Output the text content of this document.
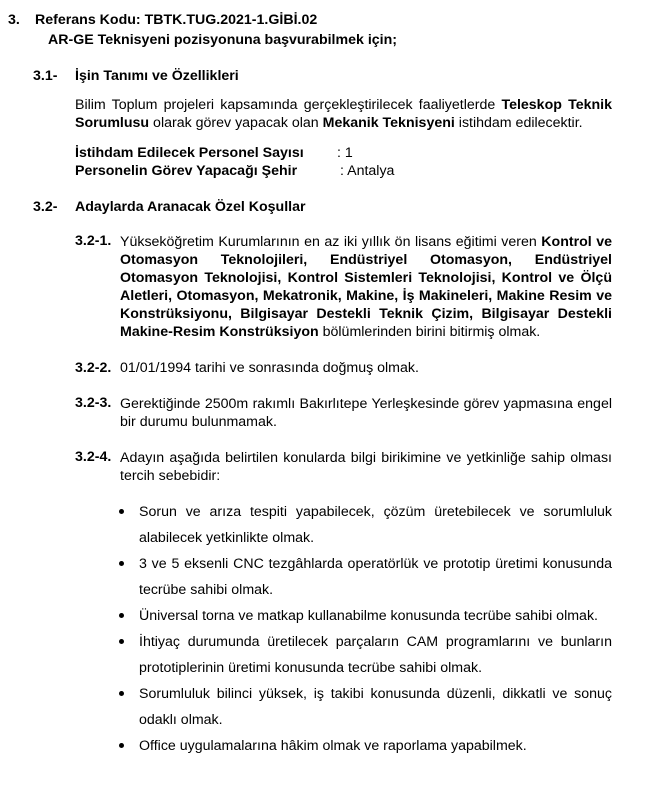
3. Referans Kodu: TBTK.TUG.2021-1.GİBİ.02
AR-GE Teknisyeni pozisyonuna başvurabilmek için;
3.1- İşin Tanımı ve Özellikleri
Bilim Toplum projeleri kapsamında gerçekleştirilecek faaliyetlerde Teleskop Teknik Sorumlusu olarak görev yapacak olan Mekanik Teknisyeni istihdam edilecektir.
İstihdam Edilecek Personel Sayısı : 1
Personelin Görev Yapacağı Şehir	: Antalya
3.2- Adaylarda Aranacak Özel Koşullar
3.2-1. Yükseköğretim Kurumlarının en az iki yıllık ön lisans eğitimi veren Kontrol ve Otomasyon Teknolojileri, Endüstriyel Otomasyon, Endüstriyel Otomasyon Teknolojisi, Kontrol Sistemleri Teknolojisi, Kontrol ve Ölçü Aletleri, Otomasyon, Mekatronik, Makine, İş Makineleri, Makine Resim ve Konstrüksiyonu, Bilgisayar Destekli Teknik Çizim, Bilgisayar Destekli Makine-Resim Konstrüksiyon bölümlerinden birini bitirmiş olmak.
3.2-2. 01/01/1994 tarihi ve sonrasında doğmuş olmak.
3.2-3. Gerektiğinde 2500m rakımlı Bakırlıtepe Yerleşkesinde görev yapmasına engel bir durumu bulunmamak.
3.2-4. Adayın aşağıda belirtilen konularda bilgi birikimine ve yetkinliğe sahip olması tercih sebebidir:
Sorun ve arıza tespiti yapabilecek, çözüm üretebilecek ve sorumluluk alabilecek yetkinlikte olmak.
3 ve 5 eksenli CNC tezgâhlarda operatörlük ve prototip üretimi konusunda tecrübe sahibi olmak.
Üniversal torna ve matkap kullanabilme konusunda tecrübe sahibi olmak.
İhtiyaç durumunda üretilecek parçaların CAM programlarını ve bunların prototiplerinin üretimi konusunda tecrübe sahibi olmak.
Sorumluluk bilinci yüksek, iş takibi konusunda düzenli, dikkatli ve sonuç odaklı olmak.
Office uygulamalarına hâkim olmak ve raporlama yapabilmek.
